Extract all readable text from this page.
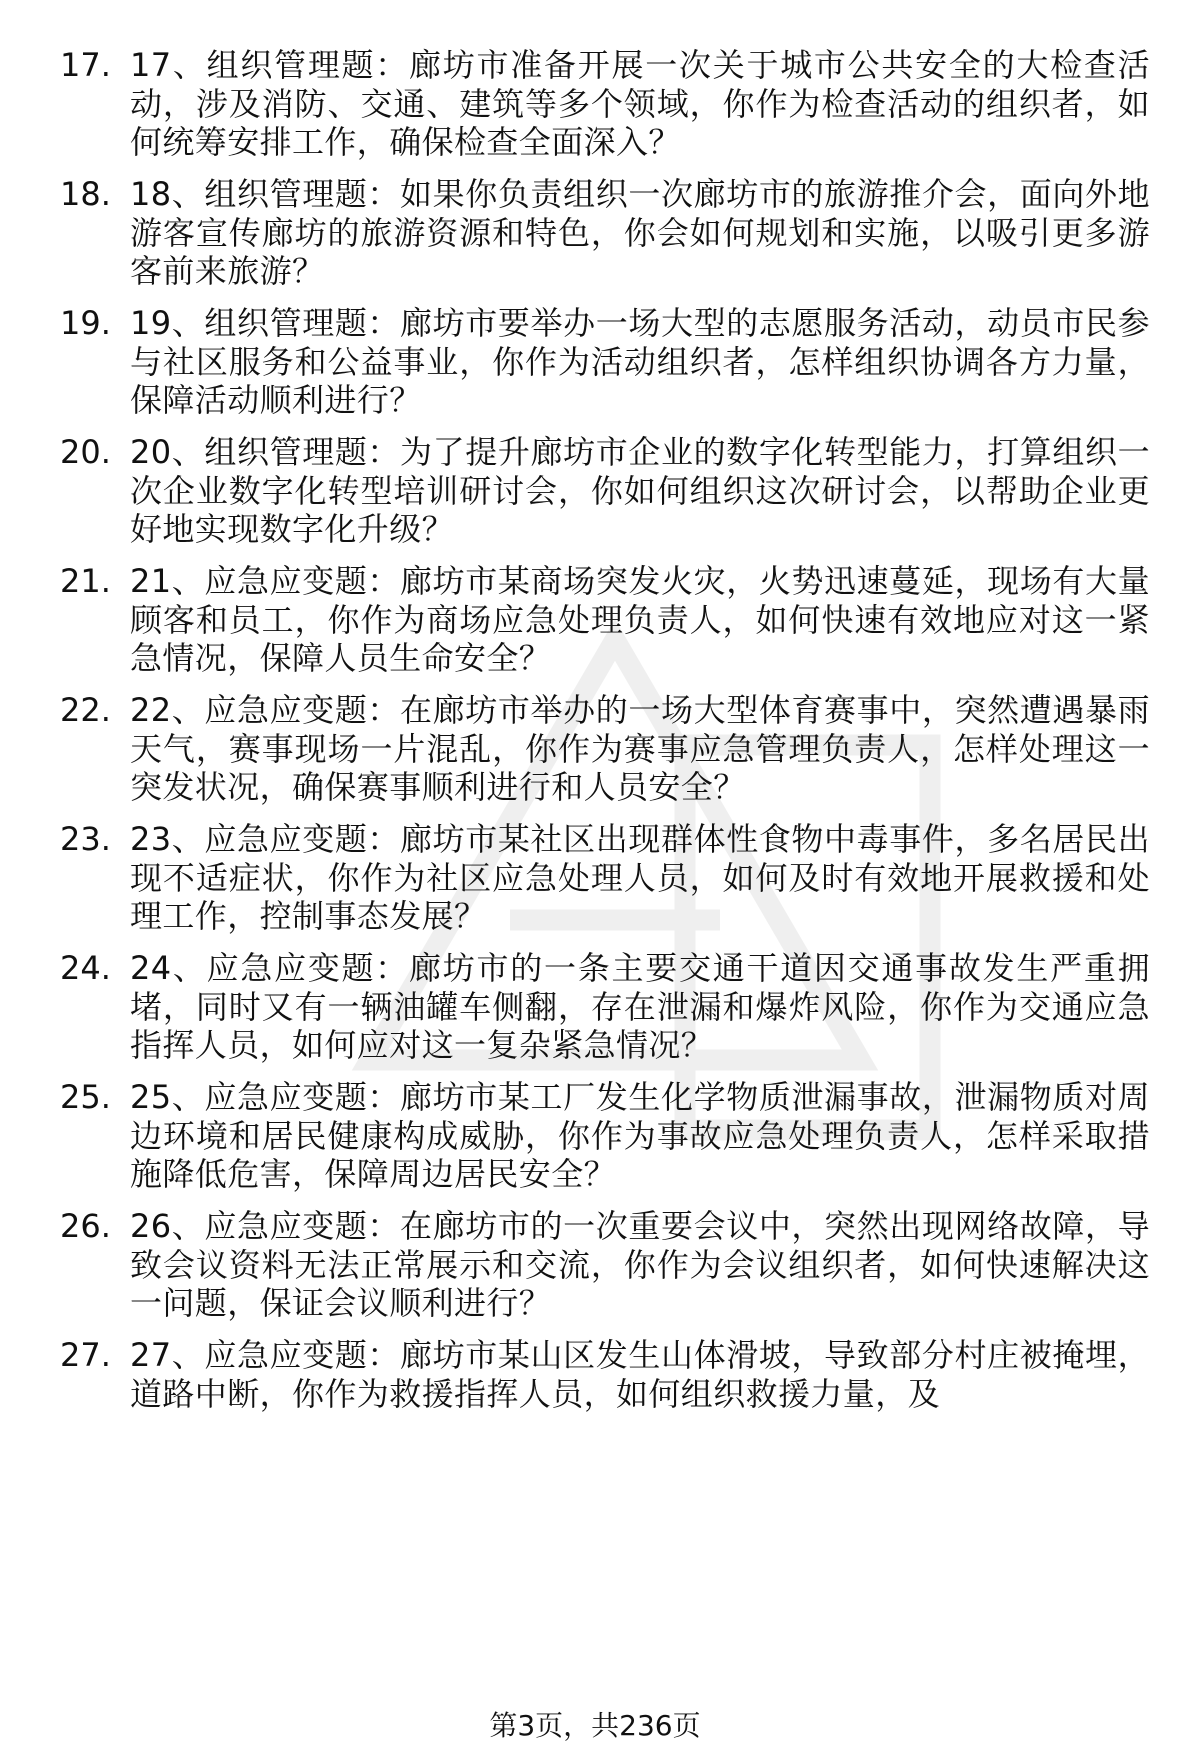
17. 17、组织管理题：廊坊市准备开展一次关于城市公共安全的大检查活动，涉及消防、交通、建筑等多个领域，你作为检查活动的组织者，如何统筹安排工作，确保检查全面深入？
18. 18、组织管理题：如果你负责组织一次廊坊市的旅游推介会，面向外地游客宣传廊坊的旅游资源和特色，你会如何规划和实施，以吸引更多游客前来旅游？
19. 19、组织管理题：廊坊市要举办一场大型的志愿服务活动，动员市民参与社区服务和公益事业，你作为活动组织者，怎样组织协调各方力量，保障活动顺利进行？
20. 20、组织管理题：为了提升廊坊市企业的数字化转型能力，打算组织一次企业数字化转型培训研讨会，你如何组织这次研讨会，以帮助企业更好地实现数字化升级？
21. 21、应急应变题：廊坊市某商场突发火灾，火势迅速蔓延，现场有大量顾客和员工，你作为商场应急处理负责人，如何快速有效地应对这一紧急情况，保障人员生命安全？
22. 22、应急应变题：在廊坊市举办的一场大型体育赛事中，突然遭遇暴雨天气，赛事现场一片混乱，你作为赛事应急管理负责人，怎样处理这一突发状况，确保赛事顺利进行和人员安全？
23. 23、应急应变题：廊坊市某社区出现群体性食物中毒事件，多名居民出现不适症状，你作为社区应急处理人员，如何及时有效地开展救援和处理工作，控制事态发展？
24. 24、应急应变题：廊坊市的一条主要交通干道因交通事故发生严重拥堵，同时又有一辆油罐车侧翻，存在泄漏和爆炸风险，你作为交通应急指挥人员，如何应对这一复杂紧急情况？
25. 25、应急应变题：廊坊市某工厂发生化学物质泄漏事故，泄漏物质对周边环境和居民健康构成威胁，你作为事故应急处理负责人，怎样采取措施降低危害，保障周边居民安全？
26. 26、应急应变题：在廊坊市的一次重要会议中，突然出现网络故障，导致会议资料无法正常展示和交流，你作为会议组织者，如何快速解决这一问题，保证会议顺利进行？
27. 27、应急应变题：廊坊市某山区发生山体滑坡，导致部分村庄被掩埋，道路中断，你作为救援指挥人员，如何组织救援力量，及
第3页，共236页
